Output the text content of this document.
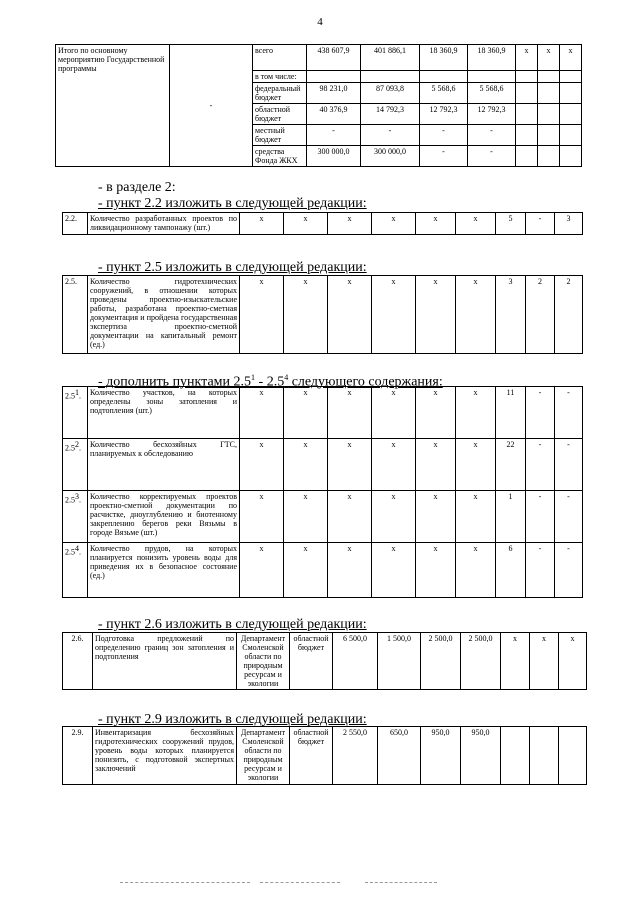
4
Итого по основному мероприятию Государственной программы	-	всего	438 607,9	401 886,1	18 360,9	18 360,9	х	х	х
		в том числе:							
		федеральный бюджет	98 231,0	87 093,8	5 568,6	5 568,6			
		областной бюджет	40 376,9	14 792,3	12 792,3	12 792,3			
		местный бюджет	-	-	-	-			
		средства Фонда ЖКХ	300 000,0	300 000,0	-	-			
- в разделе 2:
- пункт 2.2 изложить в следующей редакции:
2.2.	Количество разработанных проектов по ликвидационному тампонажу (шт.)	х	х	х	х	х	х	5	-	3
- пункт 2.5 изложить в следующей редакции:
2.5.	Количество гидротехнических сооружений, в отношении которых проведены проектно-изыскательские работы, разработана проектно-сметная документация и пройдена государственная экспертиза проектно-сметной документации на капитальный ремонт (ед.)	х	х	х	х	х	х	3	2	2
- дополнить пунктами $2.5^1 - 2.5^4$ следующего содержания:
$2.5^1$.	Количество участков, на которых определены зоны затопления и подтопления (шт.)	х	х	х	х	х	х	11	-	-
$2.5^2$.	Количество бесхозяйных ГТС, планируемых к обследованию	х	х	х	х	х	х	22	-	-
$2.5^3$.	Количество корректируемых проектов проектно-сметной документации по расчистке, дноуглублению и биотенному закреплению берегов реки Вязьмы в городе Вязьме (шт.)	х	х	х	х	х	х	1	-	-
$2.5^4$.	Количество прудов, на которых планируется понизить уровень воды для приведения их в безопасное состояние (ед.)	х	х	х	х	х	х	6	-	-
- пункт 2.6 изложить в следующей редакции:
2.6.	Подготовка предложений по определению границ зон затопления и подтопления	Департамент Смоленской области по природным ресурсам и экологии	областной бюджет	6 500,0	1 500,0	2 500,0	2 500,0	х	х	х
- пункт 2.9 изложить в следующей редакции:
2.9.	Инвентаризация бесхозяйных гидротехнических сооружений прудов, уровень воды которых планируется понизить, с подготовкой экспертных заключений	Департамент Смоленской области по природным ресурсам и экологии	областной бюджет	2 550,0	650,0	950,0	950,0			
